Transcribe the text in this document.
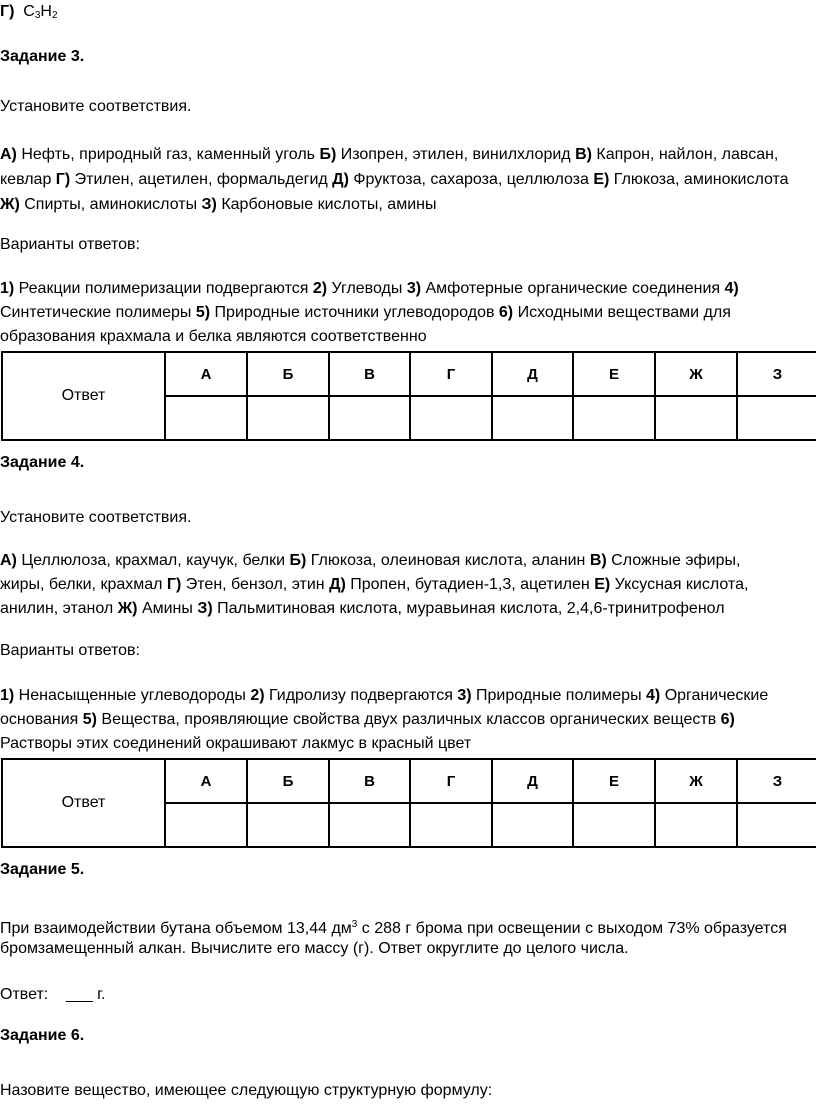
Г) $C_3H_2$
Задание 3.
Установите соответствия.
А) Нефть, природный газ, каменный уголь Б) Изопрен, этилен, винилхлорид В) Капрон, найлон, лавсан,
кевлар Г) Этилен, ацетилен, формальдегид Д) Фруктоза, сахароза, целлюлоза Е) Глюкоза, аминокислота
Ж) Спирты, аминокислоты З) Карбоновые кислоты, амины
Варианты ответов:
1) Реакции полимеризации подвергаются 2) Углеводы 3) Амфотерные органические соединения 4)
Синтетические полимеры 5) Природные источники углеводородов 6) Исходными веществами для
образования крахмала и белка являются соответственно
Ответ	А	Б	В	Г	Д	Е	Ж	З

Задание 4.
Установите соответствия.
А) Целлюлоза, крахмал, каучук, белки Б) Глюкоза, олеиновая кислота, аланин В) Сложные эфиры,
жиры, белки, крахмал Г) Этен, бензол, этин Д) Пропен, бутадиен-1,3, ацетилен Е) Уксусная кислота,
анилин, этанол Ж) Амины З) Пальмитиновая кислота, муравьиная кислота, 2,4,6-тринитрофенол
Варианты ответов:
1) Ненасыщенные углеводороды 2) Гидролизу подвергаются 3) Природные полимеры 4) Органические
основания 5) Вещества, проявляющие свойства двух различных классов органических веществ 6)
Растворы этих соединений окрашивают лакмус в красный цвет
Ответ	А	Б	В	Г	Д	Е	Ж	З

Задание 5.
При взаимодействии бутана объемом 13,44 $дм^3$ с 288 г брома при освещении с выходом 73% образуется
бромзамещенный алкан. Вычислите его массу (г). Ответ округлите до целого числа.
Ответ: ___ г.
Задание 6.
Назовите вещество, имеющее следующую структурную формулу:
